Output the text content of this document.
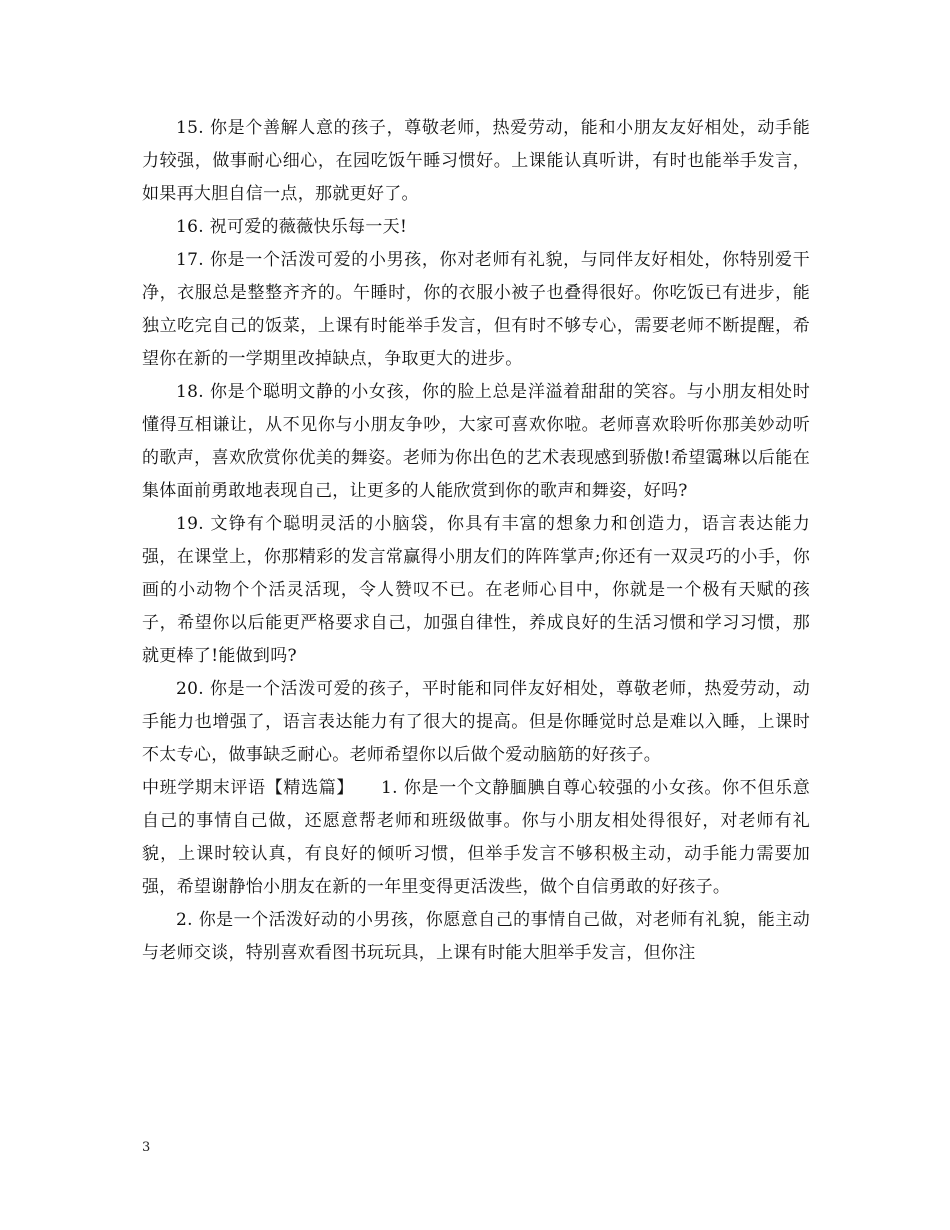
15. 你是个善解人意的孩子，尊敬老师，热爱劳动，能和小朋友友好相处，动手能力较强，做事耐心细心，在园吃饭午睡习惯好。上课能认真听讲，有时也能举手发言，如果再大胆自信一点，那就更好了。

16. 祝可爱的薇薇快乐每一天!

17. 你是一个活泼可爱的小男孩，你对老师有礼貌，与同伴友好相处，你特别爱干净，衣服总是整整齐齐的。午睡时，你的衣服小被子也叠得很好。你吃饭已有进步，能独立吃完自己的饭菜，上课有时能举手发言，但有时不够专心，需要老师不断提醒，希望你在新的一学期里改掉缺点，争取更大的进步。

18. 你是个聪明文静的小女孩，你的脸上总是洋溢着甜甜的笑容。与小朋友相处时懂得互相谦让，从不见你与小朋友争吵，大家可喜欢你啦。老师喜欢聆听你那美妙动听的歌声，喜欢欣赏你优美的舞姿。老师为你出色的艺术表现感到骄傲!希望霭琳以后能在集体面前勇敢地表现自己，让更多的人能欣赏到你的歌声和舞姿，好吗?

19. 文铮有个聪明灵活的小脑袋，你具有丰富的想象力和创造力，语言表达能力强，在课堂上，你那精彩的发言常赢得小朋友们的阵阵掌声;你还有一双灵巧的小手，你画的小动物个个活灵活现，令人赞叹不已。在老师心目中，你就是一个极有天赋的孩子，希望你以后能更严格要求自己，加强自律性，养成良好的生活习惯和学习习惯，那就更棒了!能做到吗?

20. 你是一个活泼可爱的孩子，平时能和同伴友好相处，尊敬老师，热爱劳动，动手能力也增强了，语言表达能力有了很大的提高。但是你睡觉时总是难以入睡，上课时不太专心，做事缺乏耐心。老师希望你以后做个爱动脑筋的好孩子。

中班学期末评语【精选篇】　　1. 你是一个文静腼腆自尊心较强的小女孩。你不但乐意自己的事情自己做，还愿意帮老师和班级做事。你与小朋友相处得很好，对老师有礼貌，上课时较认真，有良好的倾听习惯，但举手发言不够积极主动，动手能力需要加强，希望谢静怡小朋友在新的一年里变得更活泼些，做个自信勇敢的好孩子。

2. 你是一个活泼好动的小男孩，你愿意自己的事情自己做，对老师有礼貌，能主动与老师交谈，特别喜欢看图书玩玩具，上课有时能大胆举手发言，但你注

3
